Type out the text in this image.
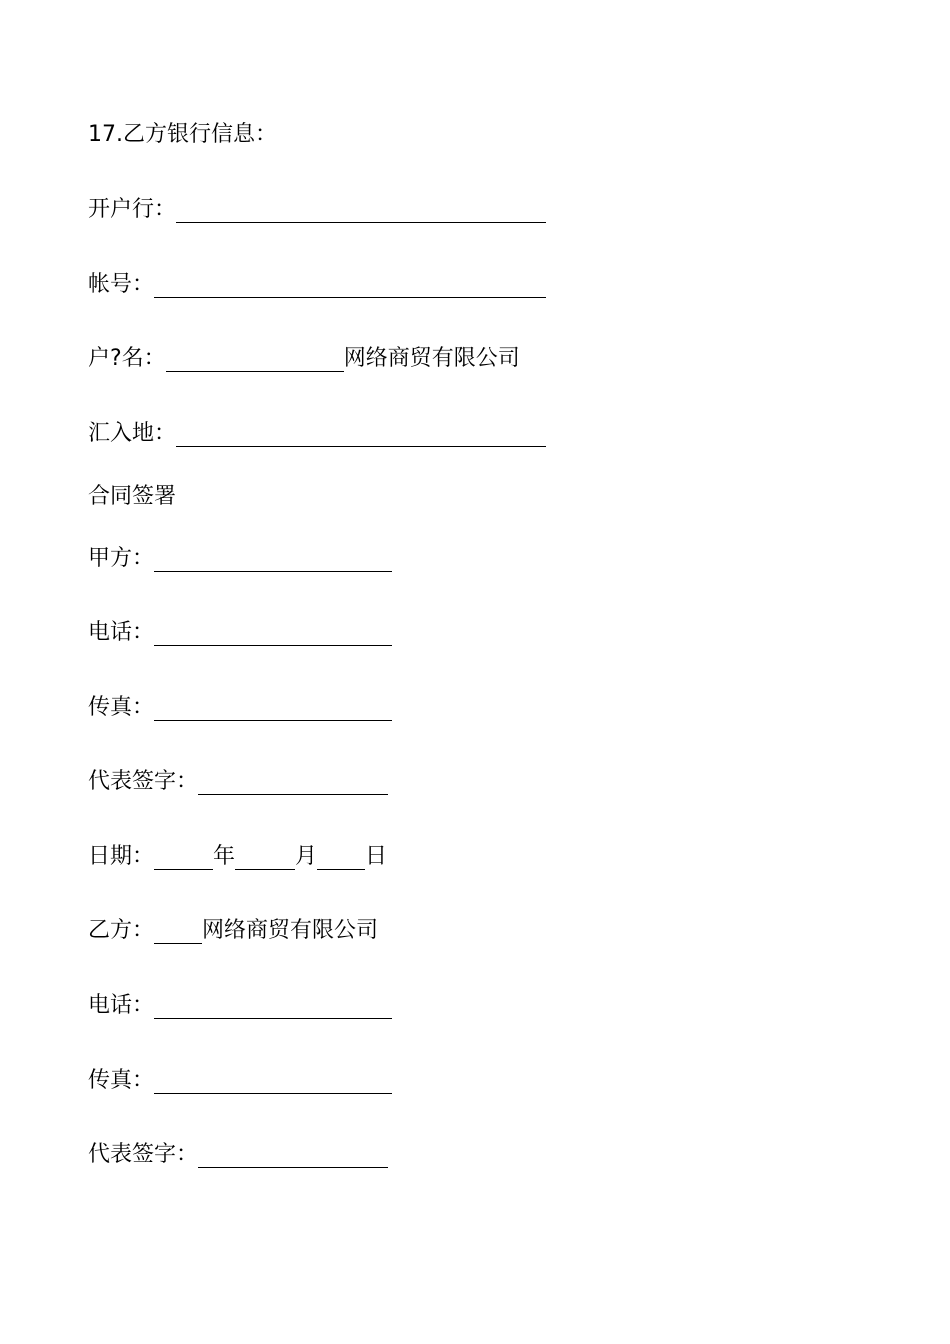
17.乙方银行信息：
开户行：
帐号：
户?名：	网络商贸有限公司
汇入地：
合同签署
甲方：
电话：
传真：
代表签字：
日期：	年	月 日
乙方： 网络商贸有限公司
电话：
传真：
代表签字：
